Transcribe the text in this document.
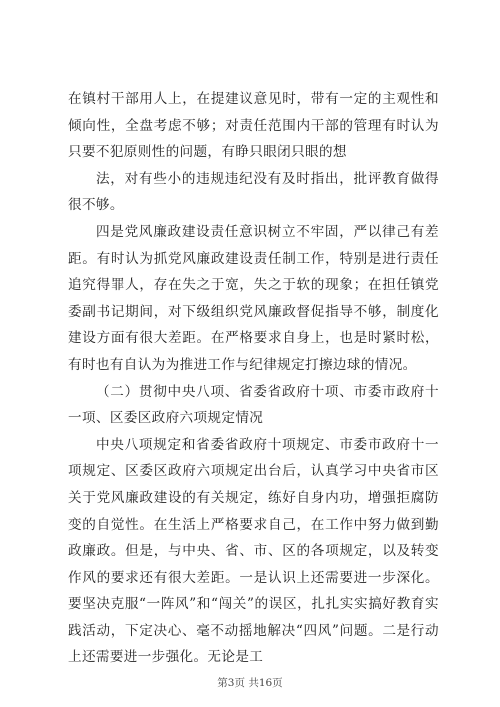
在镇村干部用人上，在提建议意见时，带有一定的主观性和倾向性，全盘考虑不够；对责任范围内干部的管理有时认为只要不犯原则性的问题，有睁只眼闭只眼的想

法，对有些小的违规违纪没有及时指出，批评教育做得很不够。

四是党风廉政建设责任意识树立不牢固，严以律己有差距。有时认为抓党风廉政建设责任制工作，特别是进行责任追究得罪人，存在失之于宽，失之于软的现象；在担任镇党委副书记期间，对下级组织党风廉政督促指导不够，制度化建设方面有很大差距。在严格要求自身上，也是时紧时松，有时也有自认为为推进工作与纪律规定打擦边球的情况。

（二）贯彻中央八项、省委省政府十项、市委市政府十一项、区委区政府六项规定情况

中央八项规定和省委省政府十项规定、市委市政府十一项规定、区委区政府六项规定出台后，认真学习中央省市区关于党风廉政建设的有关规定，练好自身内功，增强拒腐防变的自觉性。在生活上严格要求自己，在工作中努力做到勤政廉政。但是，与中央、省、市、区的各项规定，以及转变作风的要求还有很大差距。一是认识上还需要进一步深化。要坚决克服“一阵风”和“闯关”的误区，扎扎实实搞好教育实践活动，下定决心、毫不动摇地解决“四风”问题。二是行动上还需要进一步强化。无论是工

第3页 共16页
